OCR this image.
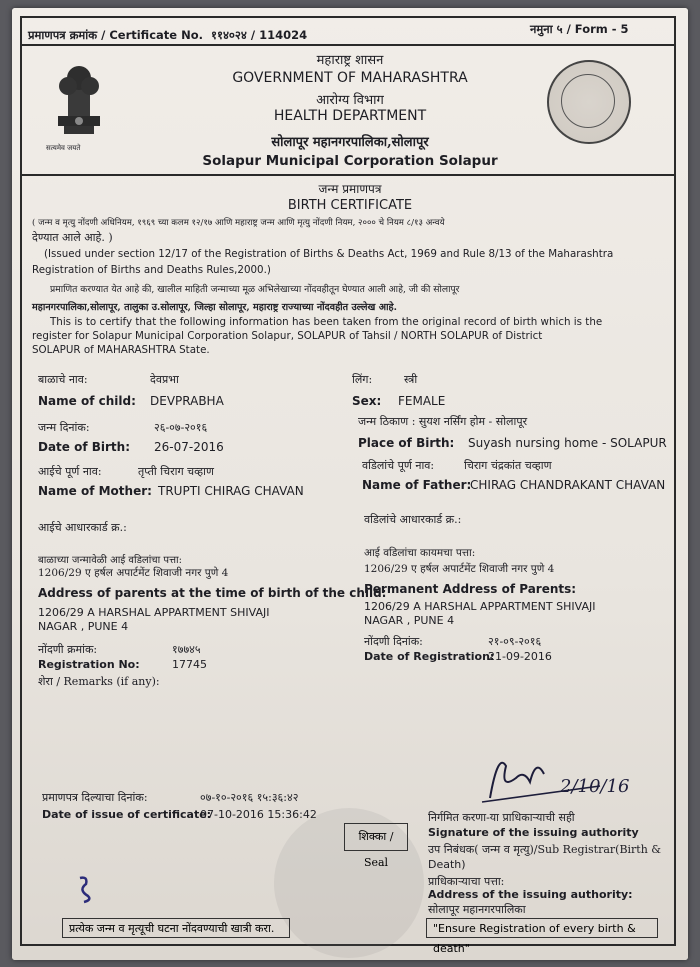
प्रमाणपत्र क्रमांक / Certificate No. ११४०२४ / 114024	नमुना ५ / Form - 5
सत्यमेव जयते
महाराष्ट्र शासन
GOVERNMENT OF MAHARASHTRA
आरोग्य विभाग
HEALTH DEPARTMENT
सोलापूर महानगरपालिका,सोलापूर
Solapur Municipal Corporation Solapur
जन्म प्रमाणपत्र
BIRTH CERTIFICATE
( जन्म व मृत्यु नोंदणी अधिनियम, १९६९ च्या कलम १२/१७ आणि महाराष्ट्र जन्म आणि मृत्यु नोंदणी नियम, २००० चे नियम ८/१३ अन्वये
देण्यात आले आहे. )
(Issued under section 12/17 of the Registration of Births & Deaths Act, 1969 and Rule 8/13 of the Maharashtra
Registration of Births and Deaths Rules,2000.)
प्रमाणित करण्यात येत आहे की, खालील माहिती जन्माच्या मूळ अभिलेखाच्या नोंदवहीतून घेण्यात आली आहे, जी की सोलापूर
महानगरपालिका,सोलापूर, तालुका उ.सोलापूर, जिल्हा सोलापूर, महाराष्ट्र राज्याच्या नोंदवहीत उल्लेख आहे.
This is to certify that the following information has been taken from the original record of birth which is the
register for Solapur Municipal Corporation Solapur, SOLAPUR of Tahsil / NORTH SOLAPUR of District
SOLAPUR of MAHARASHTRA State.
बाळाचे नाव:	देवप्रभा
Name of child: DEVPRABHA
जन्म दिनांक:	२६-०७-२०१६
Date of Birth: 26-07-2016
आईचे पूर्ण नाव:	तृप्ती चिराग चव्हाण
Name of Mother: TRUPTI CHIRAG CHAVAN
आईचे आधारकार्ड क्र.:
बाळाच्या जन्मावेळी आई वडिलांचा पत्ता:
1206/29 ए हर्षल अपार्टमेंट शिवाजी नगर पुणे 4
Address of parents at the time of birth of the child:
1206/29 A HARSHAL APPARTMENT SHIVAJI
NAGAR , PUNE 4
नोंदणी क्रमांक:	१७७४५
Registration No:	17745
शेरा / Remarks (if any):
लिंग:	स्त्री
Sex: FEMALE
जन्म ठिकाण : सुयश नर्सिंग होम - सोलापूर
Place of Birth: Suyash nursing home - SOLAPUR
वडिलांचे पूर्ण नाव:	चिराग चंद्रकांत चव्हाण
Name of Father:
CHIRAG CHANDRAKANT CHAVAN
वडिलांचे आधारकार्ड क्र.:
आई वडिलांचा कायमचा पत्ता:
1206/29 ए हर्षल अपार्टमेंट शिवाजी नगर पुणे 4
Permanent Address of Parents:
1206/29 A HARSHAL APPARTMENT SHIVAJI
NAGAR , PUNE 4
नोंदणी दिनांक:	२१-०९-२०१६
Date of Registration:
21-09-2016
प्रमाणपत्र दिल्याचा दिनांक:	०७-१०-२०१६ १५:३६:४२
Date of issue of certificate:
07-10-2016 15:36:42
शिक्का / Seal
2/10/16
निर्गमित करणा-या प्राधिकाऱ्याची सही
Signature of the issuing authority
उप निबंधक( जन्म व मृत्यु)/Sub Registrar(Birth &
Death)
प्राधिकाऱ्याचा पत्ता:
Address of the issuing authority:
सोलापूर महानगरपालिका
प्रत्येक जन्म व मृत्यूची घटना नोंदवण्याची खात्री करा.	"Ensure Registration of every birth & death"
